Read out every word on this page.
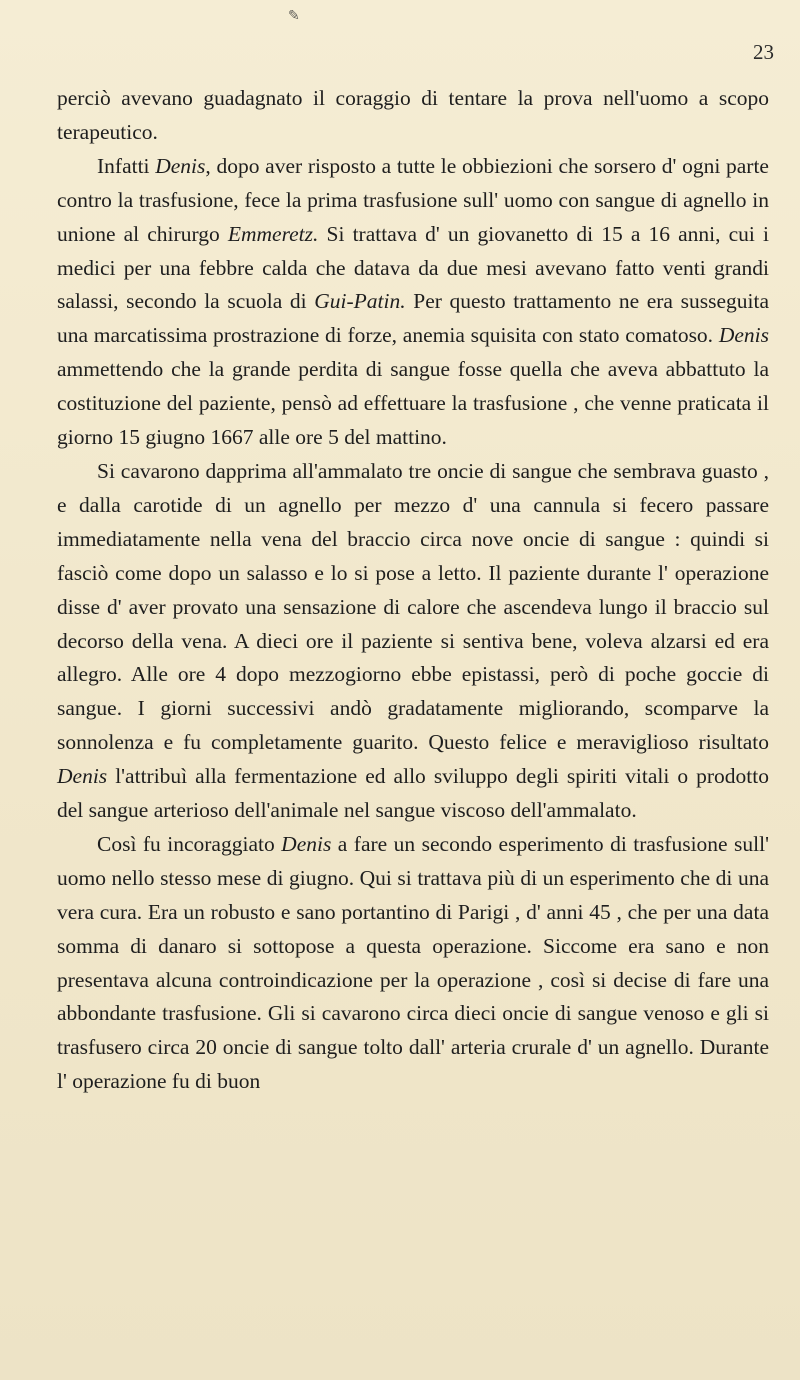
✎
23

perciò avevano guadagnato il coraggio di tentare la prova nell'uomo a scopo terapeutico.

Infatti Denis, dopo aver risposto a tutte le obbiezioni che sorsero d' ogni parte contro la trasfusione, fece la prima trasfusione sull' uomo con sangue di agnello in unione al chirurgo Emmeretz. Si trattava d' un giovanetto di 15 a 16 anni, cui i medici per una febbre calda che datava da due mesi avevano fatto venti grandi salassi, secondo la scuola di Gui-Patin. Per questo trattamento ne era susseguita una marcatissima prostrazione di forze, anemia squisita con stato comatoso. Denis ammettendo che la grande perdita di sangue fosse quella che aveva abbattuto la costituzione del paziente, pensò ad effettuare la trasfusione , che venne praticata il giorno 15 giugno 1667 alle ore 5 del mattino.

Si cavarono dapprima all'ammalato tre oncie di sangue che sembrava guasto , e dalla carotide di un agnello per mezzo d' una cannula si fecero passare immediatamente nella vena del braccio circa nove oncie di sangue : quindi si fasciò come dopo un salasso e lo si pose a letto. Il paziente durante l' operazione disse d' aver provato una sensazione di calore che ascendeva lungo il braccio sul decorso della vena. A dieci ore il paziente si sentiva bene, voleva alzarsi ed era allegro. Alle ore 4 dopo mezzogiorno ebbe epistassi, però di poche goccie di sangue. I giorni successivi andò gradatamente migliorando, scomparve la sonnolenza e fu completamente guarito. Questo felice e meraviglioso risultato Denis l'attribuì alla fermentazione ed allo sviluppo degli spiriti vitali o prodotto del sangue arterioso dell'animale nel sangue viscoso dell'ammalato.

Così fu incoraggiato Denis a fare un secondo esperimento di trasfusione sull' uomo nello stesso mese di giugno. Qui si trattava più di un esperimento che di una vera cura. Era un robusto e sano portantino di Parigi , d' anni 45 , che per una data somma di danaro si sottopose a questa operazione. Siccome era sano e non presentava alcuna controindicazione per la operazione , così si decise di fare una abbondante trasfusione. Gli si cavarono circa dieci oncie di sangue venoso e gli si trasfusero circa 20 oncie di sangue tolto dall' arteria crurale d' un agnello. Durante l' operazione fu di buon
